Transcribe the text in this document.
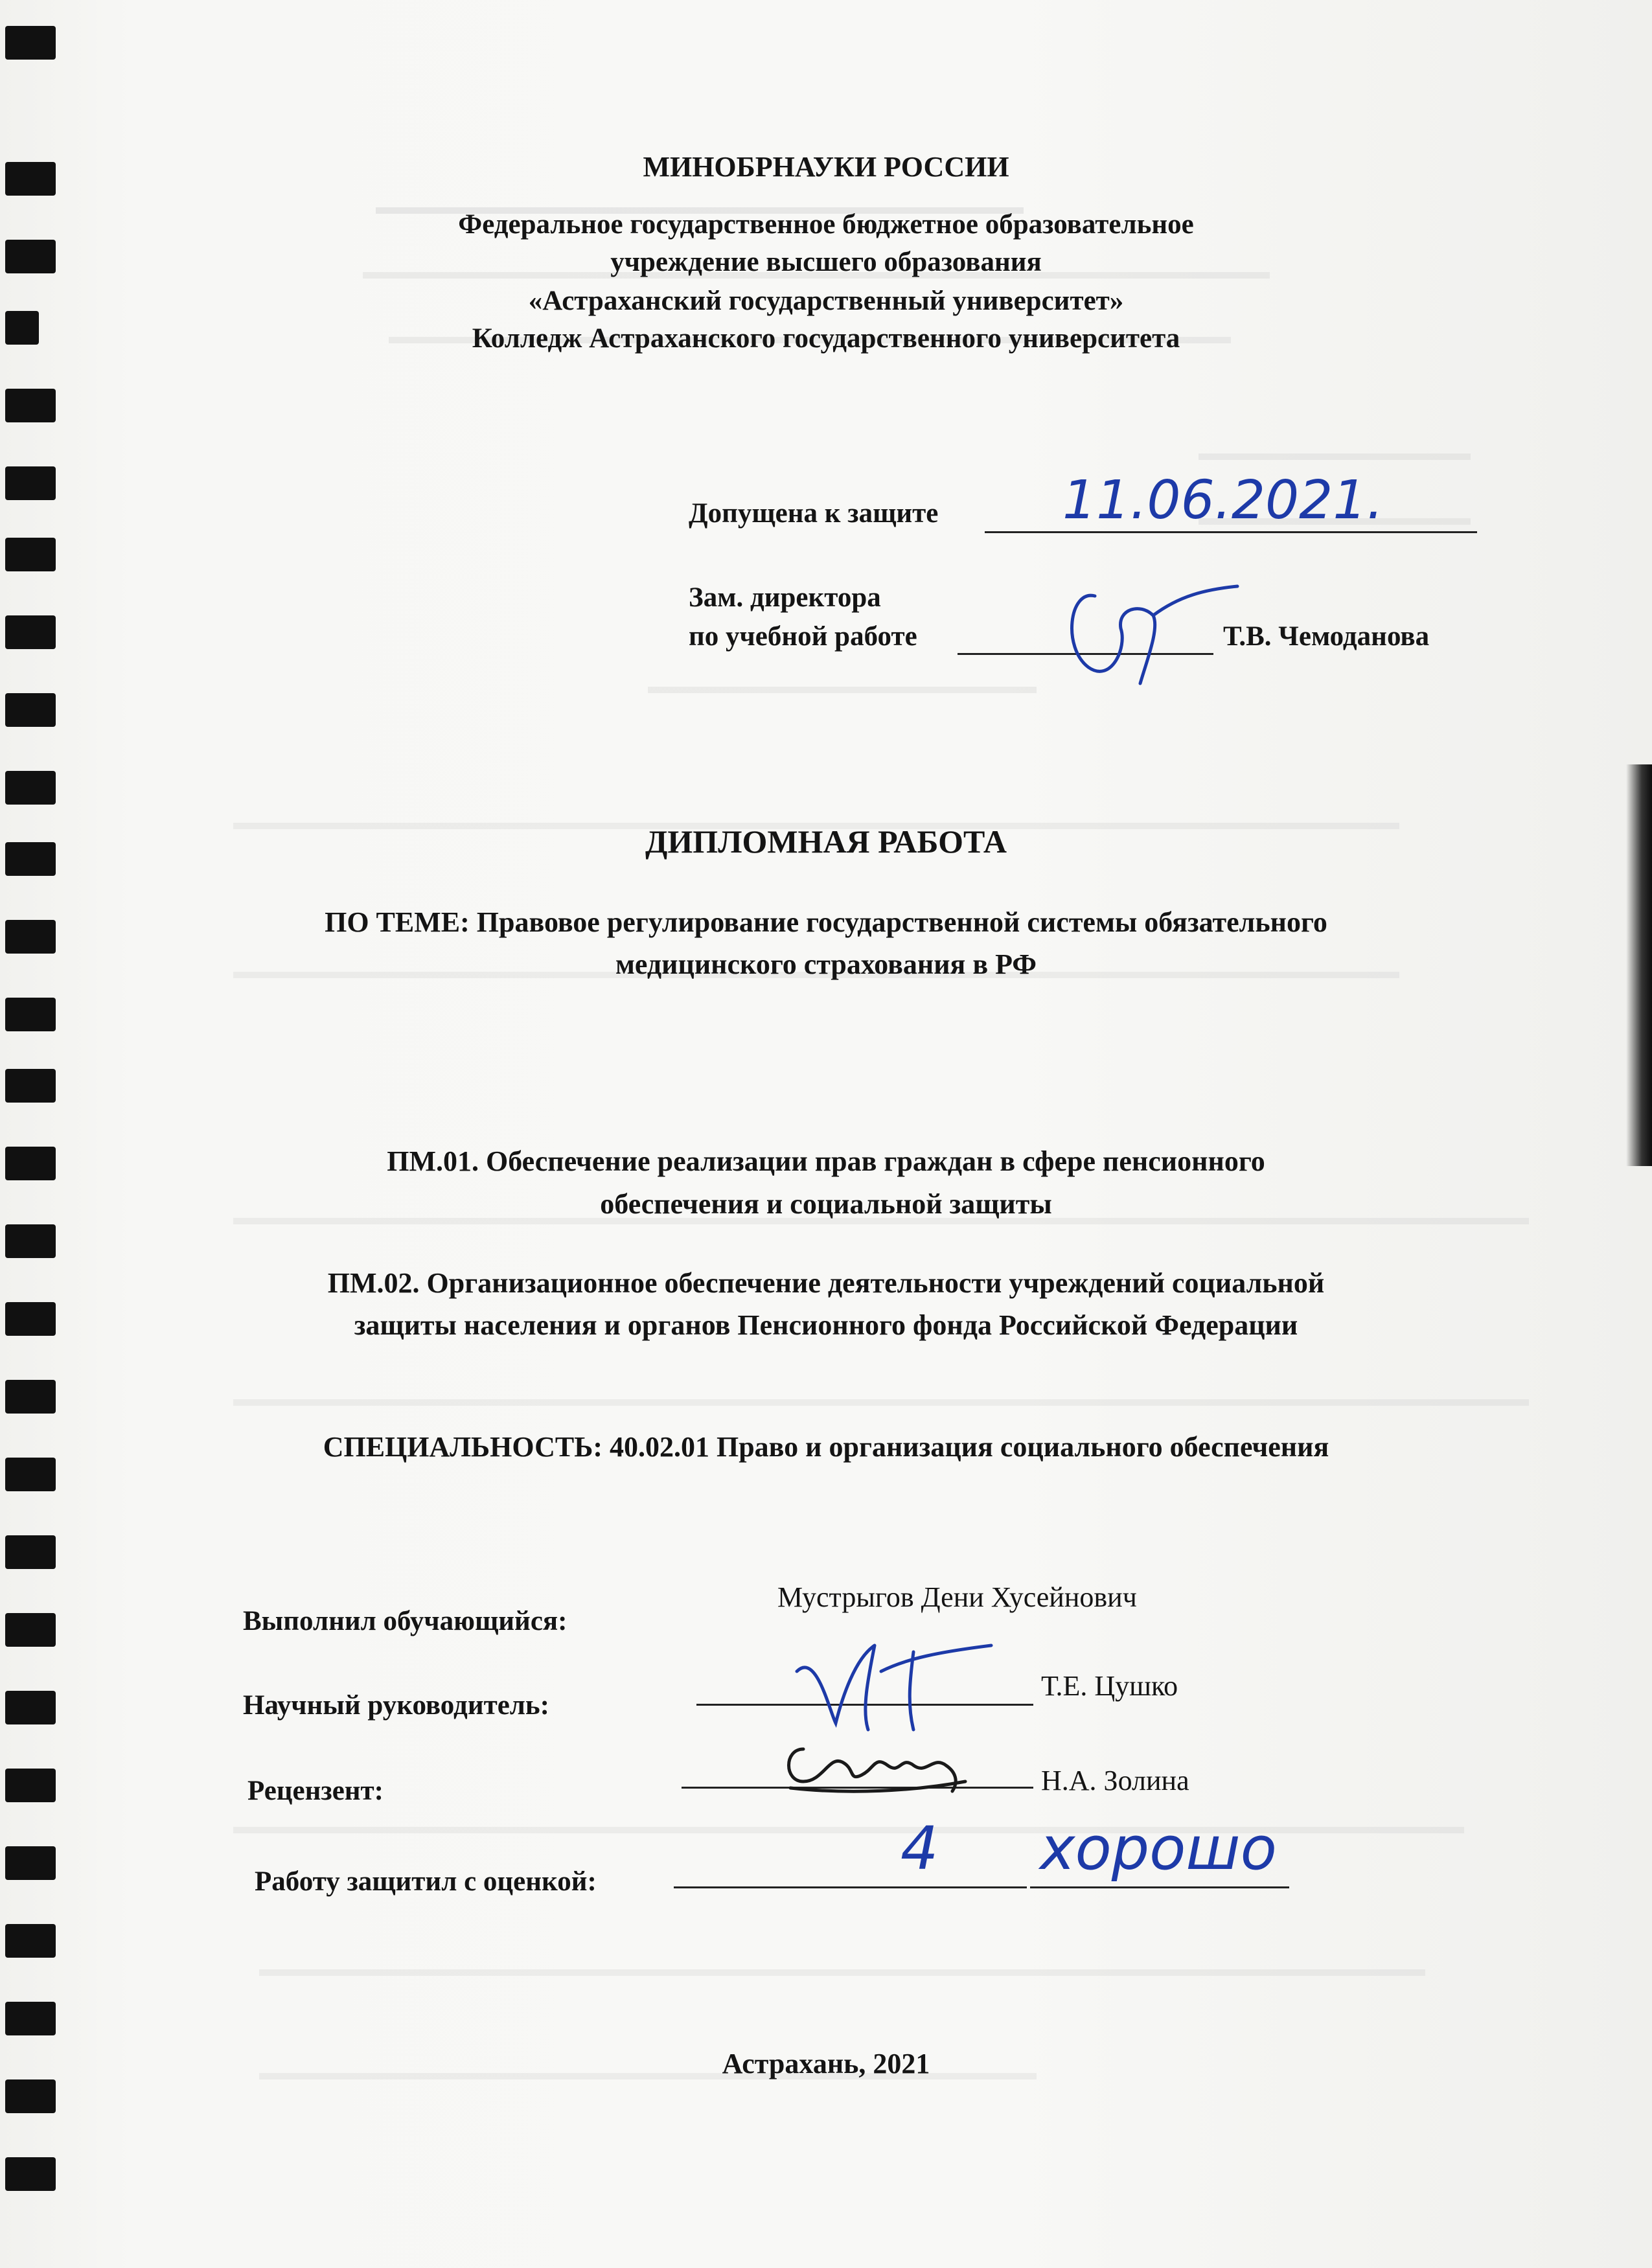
МИНОБРНАУКИ РОССИИ
Федеральное государственное бюджетное образовательное
учреждение высшего образования
«Астраханский государственный университет»
Колледж Астраханского государственного университета
Допущена к защите 11.06.2021.
Зам. директора
по учебной работе	Т.В. Чемоданова
ДИПЛОМНАЯ РАБОТА
ПО ТЕМЕ: Правовое регулирование государственной системы обязательного
медицинского страхования в РФ
ПМ.01. Обеспечение реализации прав граждан в сфере пенсионного
обеспечения и социальной защиты
ПМ.02. Организационное обеспечение деятельности учреждений социальной
защиты населения и органов Пенсионного фонда Российской Федерации
СПЕЦИАЛЬНОСТЬ: 40.02.01 Право и организация социального обеспечения
Выполнил обучающийся:
Мустрыгов Дени Хусейнович
Научный руководитель:
Т.Е. Цушко
Рецензент:	Н.А. Золина
Работу защитил с оценкой:	4 хорошо
Астрахань, 2021
